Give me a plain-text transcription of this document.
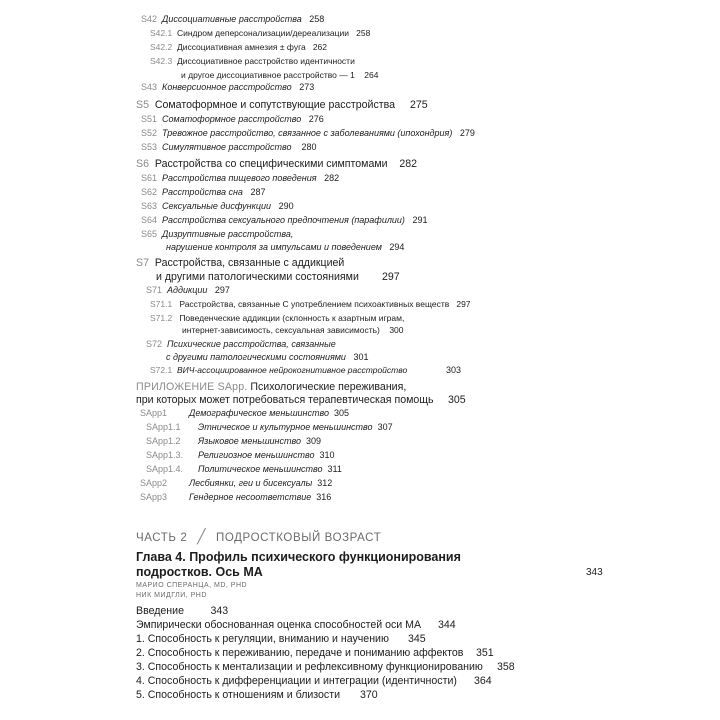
S42 Диссоциативные расстройства 258
S42.1 Синдром деперсонализации/дереализации 258
S42.2 Диссоциативная амнезия ± фуга 262
S42.3 Диссоциативное расстройство идентичности
и другое диссоциативное расстройство — 1 264
S43 Конверсионное расстройство 273
S5 Соматоформное и сопутствующие расстройства 275
S51 Соматоформное расстройство 276
S52 Тревожное расстройство, связанное с заболеваниями (ипохондрия) 279
S53 Симулятивное расстройство 280
S6 Расстройства со специфическими симптомами 282
S61 Расстройства пищевого поведения 282
S62 Расстройства сна 287
S63 Сексуальные дисфункции 290
S64 Расстройства сексуального предпочтения (парафилии) 291
S65 Дизруптивные расстройства,
нарушение контроля за импульсами и поведением 294
S7 Расстройства, связанные с аддикцией
и другими патологическими состояниями 297
S71 Аддикции 297
S71.1 Расстройства, связанные С употреблением психоактивных веществ 297
S71.2 Поведенческие аддикции (склонность к азартным играм,
интернет-зависимость, сексуальная зависимость) 300
S72 Психические расстройства, связанные
с другими патологическими состояниями 301
S72.1 ВИЧ-ассоциированное нейрокогнитивное расстройство	303
ПРИЛОЖЕНИЕ SApp. Психологические переживания,
при которых может потребоваться терапевтическая помощь 305
SApp1 Демографическое меньшинство 305
SApp1.1 Этническое и культурное меньшинство 307
SApp1.2 Языковое меньшинство 309
SApp1.3. Религиозное меньшинство 310
SApp1.4. Политическое меньшинство 311
SApp2 Лесбиянки, геи и бисексуалы 312
SApp3 Гендерное несоответствие 316
ЧАСТЬ 2 ╱ ПОДРОСТКОВЫЙ ВОЗРАСТ
Глава 4. Профиль психического функционирования
подростков. Ось MA	343
МАРИО СПЕРАНЦА, MD, PHD
НИК МИДГЛИ, PHD
Введение	343
Эмпирически обоснованная оценка способностей оси MA 344
1. Способность к регуляции, вниманию и научению 345
2. Способность к переживанию, передаче и пониманию аффектов 351
3. Способность к ментализации и рефлексивному функционированию 358
4. Способность к дифференциации и интеграции (идентичности) 364
5. Способность к отношениям и близости 370
